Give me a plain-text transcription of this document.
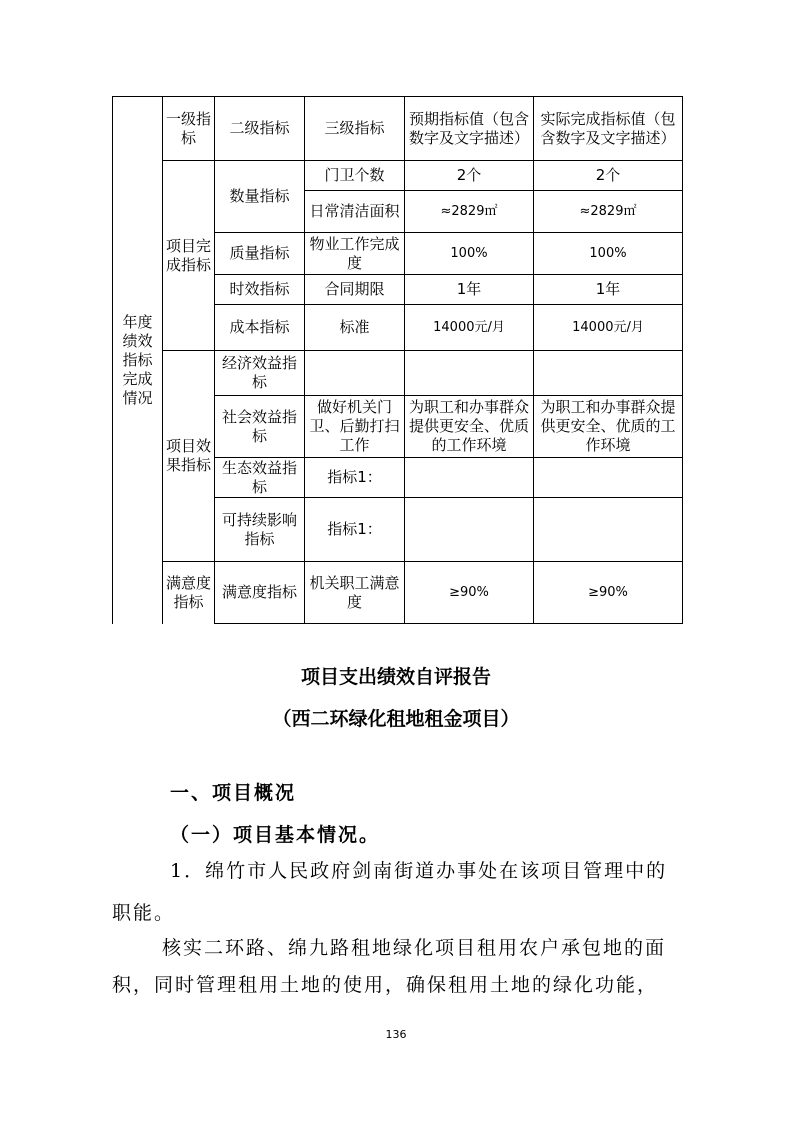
年度绩效指标完成情况	一级指标	二级指标	三级指标	预期指标值（包含数字及文字描述）	实际完成指标值（包含数字及文字描述）
	项目完成指标	数量指标	门卫个数	2个	2个
			日常清洁面积	≈2829㎡	≈2829㎡
		质量指标	物业工作完成度	100%	100%
		时效指标	合同期限	1年	1年
		成本指标	标准	14000元/月	14000元/月
	项目效果指标	经济效益指标			
		社会效益指标	做好机关门卫、后勤打扫工作	为职工和办事群众提供更安全、优质的工作环境	为职工和办事群众提供更安全、优质的工作环境
		生态效益指标	指标1：		
		可持续影响指标	指标1：		
	满意度指标	满意度指标	机关职工满意度	≥90%	≥90%
项目支出绩效自评报告
（西二环绿化租地租金项目）
一、项目概况
（一）项目基本情况。
1．绵竹市人民政府剑南街道办事处在该项目管理中的
职能。
核实二环路、绵九路租地绿化项目租用农户承包地的面
积，同时管理租用土地的使用，确保租用土地的绿化功能，
136
